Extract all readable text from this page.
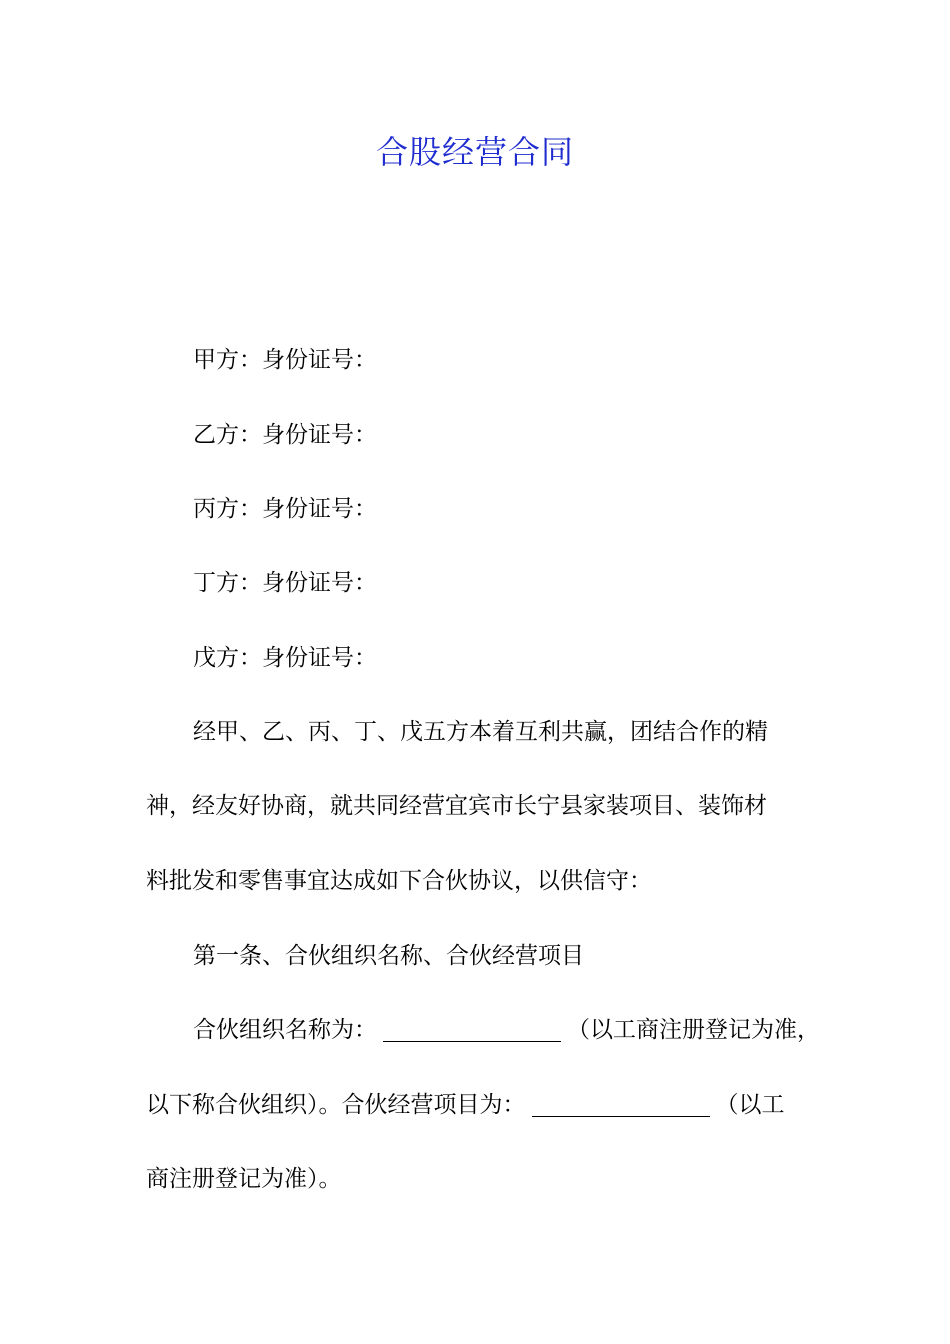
合股经营合同
甲方：身份证号：
乙方：身份证号：
丙方：身份证号：
丁方：身份证号：
戊方：身份证号：
经甲、乙、丙、丁、戊五方本着互利共赢，团结合作的精
神，经友好协商，就共同经营宜宾市长宁县家装项目、装饰材
料批发和零售事宜达成如下合伙协议，以供信守：
第一条、合伙组织名称、合伙经营项目
合伙组织名称为：	（以工商注册登记为准，
以下称合伙组织）。合伙经营项目为：	（以工
商注册登记为准）。
